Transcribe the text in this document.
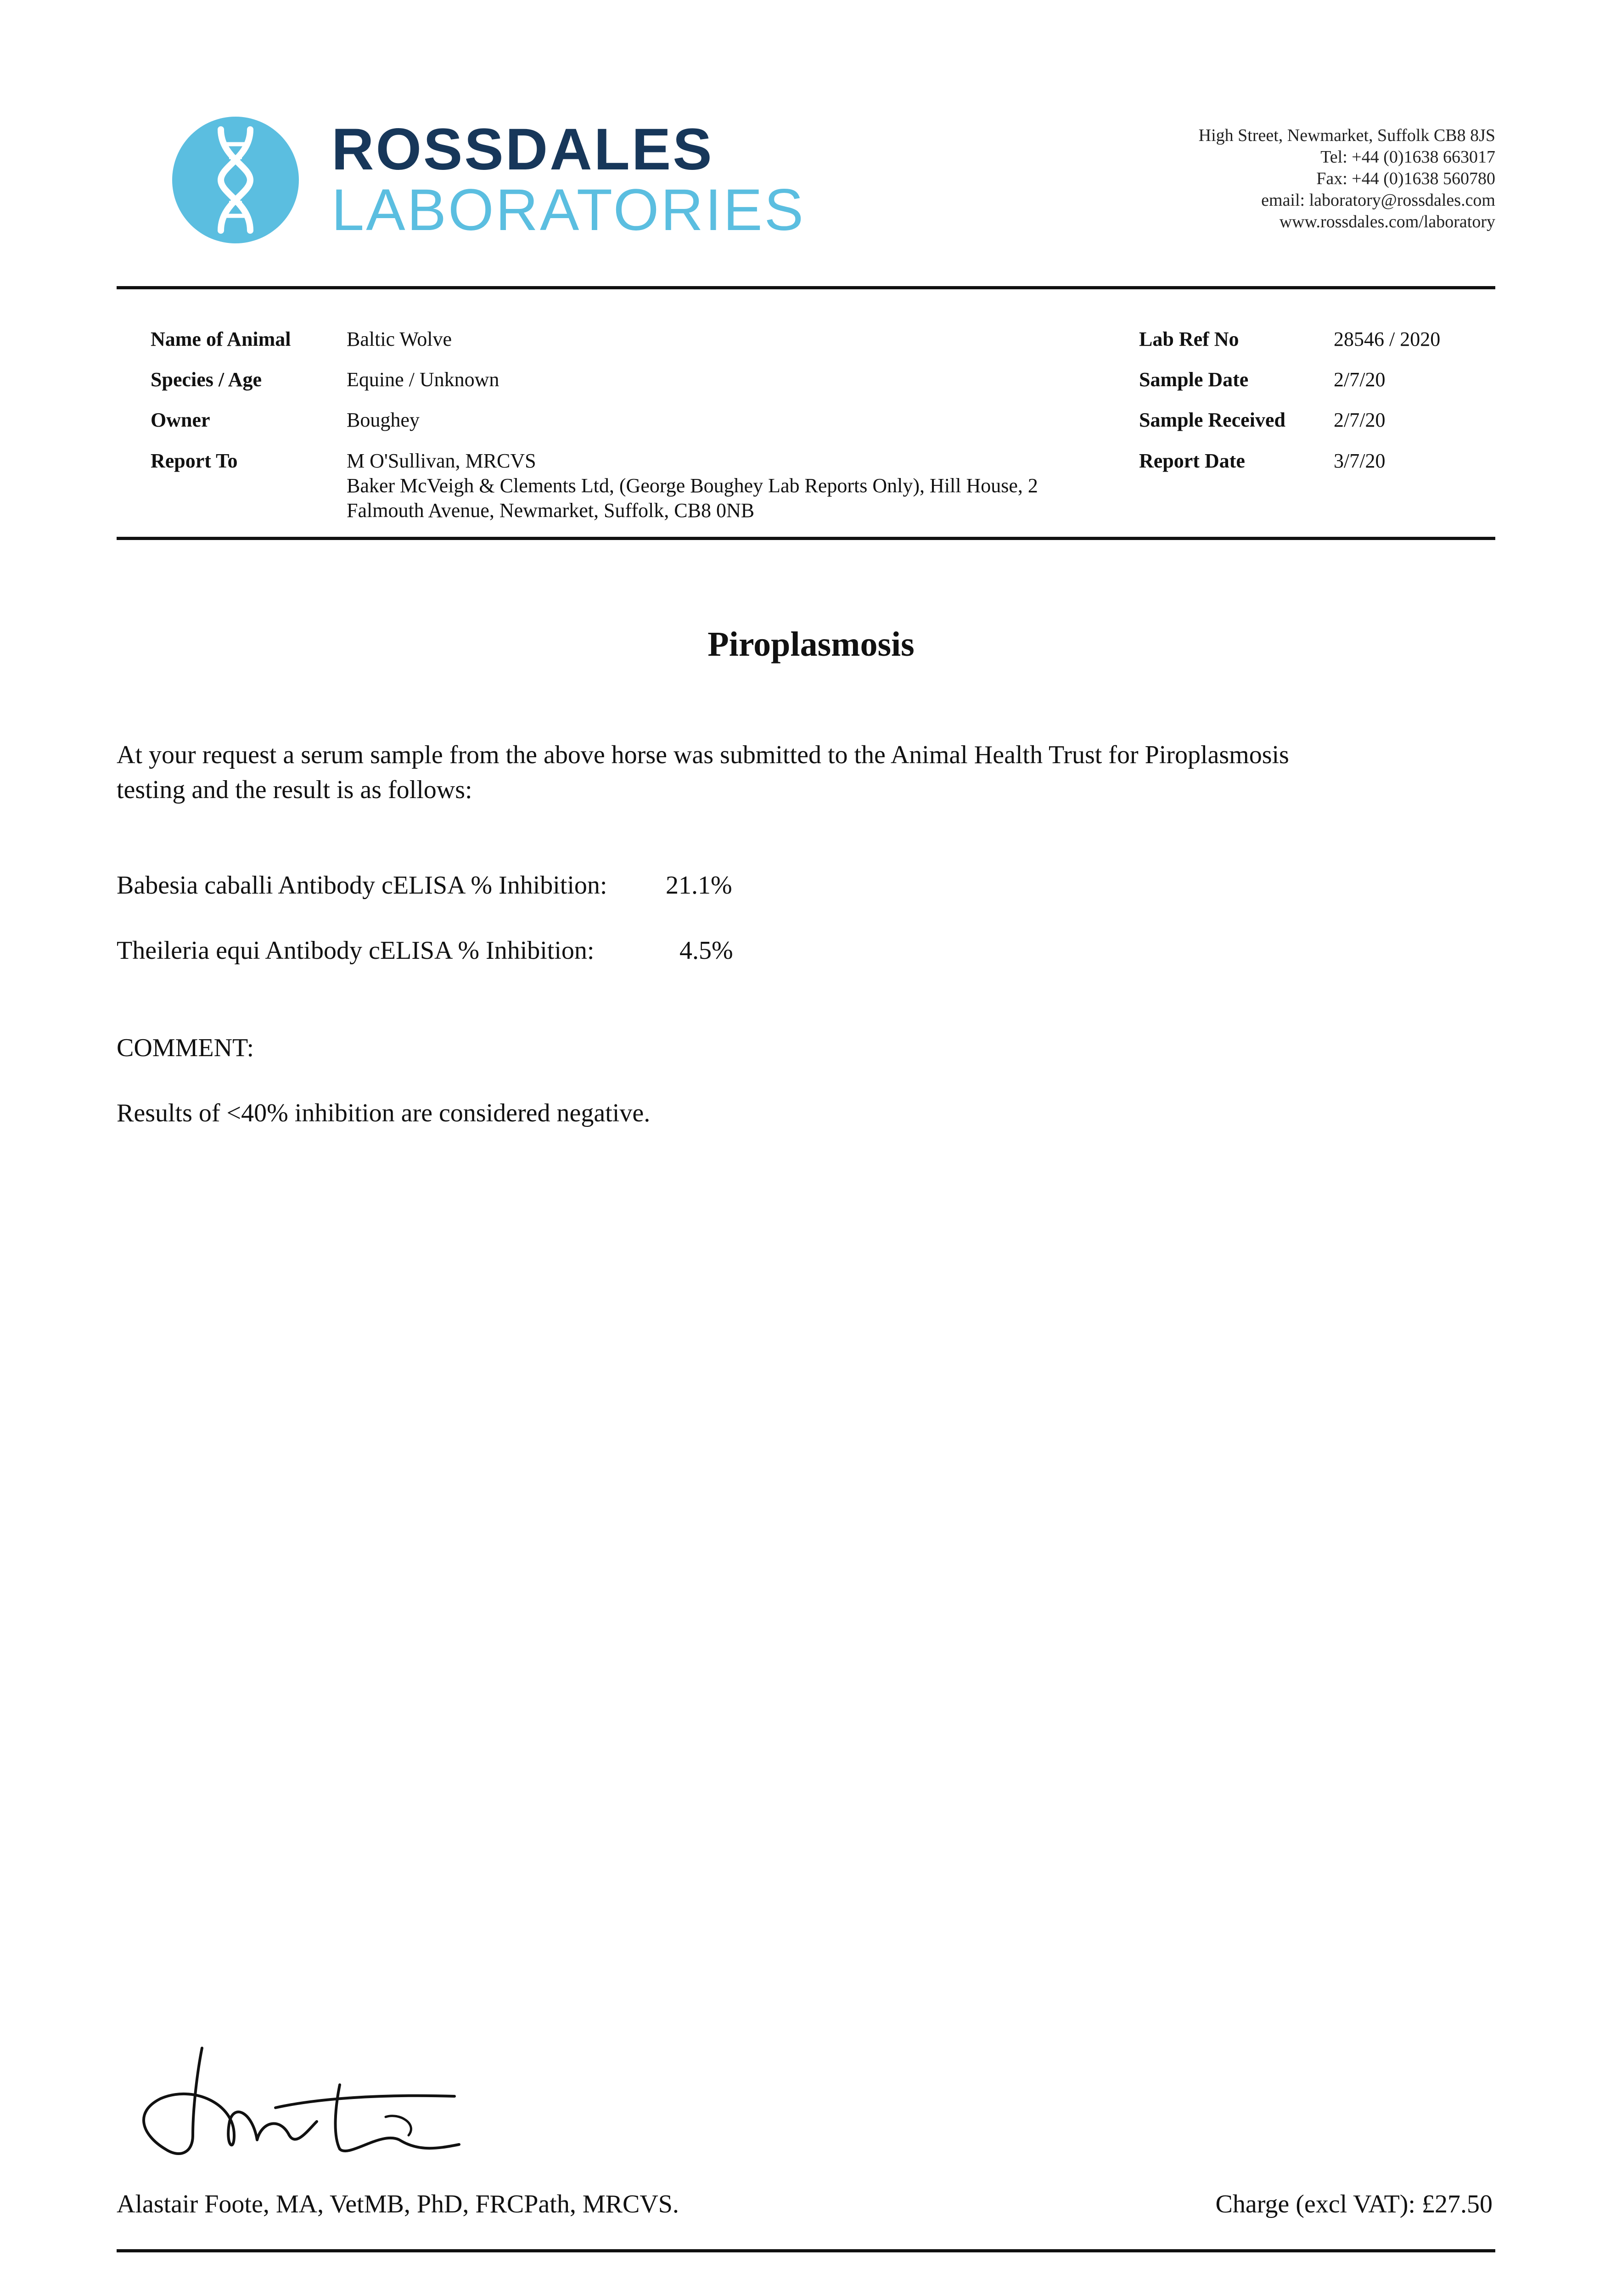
ROSSDALES
LABORATORIES
High Street, Newmarket, Suffolk CB8 8JS
Tel: +44 (0)1638 663017
Fax: +44 (0)1638 560780
email: laboratory@rossdales.com
www.rossdales.com/laboratory
Name of Animal	Baltic Wolve
Species / Age	Equine / Unknown
Owner	Boughey
Report To	M O'Sullivan, MRCVS
Baker McVeigh & Clements Ltd, (George Boughey Lab Reports Only), Hill House, 2
Falmouth Avenue, Newmarket, Suffolk, CB8 0NB
Lab Ref No	28546 / 2020
Sample Date	2/7/20
Sample Received 2/7/20
Report Date	3/7/20
Piroplasmosis
At your request a serum sample from the above horse was submitted to the Animal Health Trust for Piroplasmosis
testing and the result is as follows:
Babesia caballi Antibody cELISA % Inhibition: 21.1%
Theileria equi Antibody cELISA % Inhibition:	4.5%
COMMENT:
Results of <40% inhibition are considered negative.
Alastair Foote, MA, VetMB, PhD, FRCPath, MRCVS.	Charge (excl VAT): £27.50
